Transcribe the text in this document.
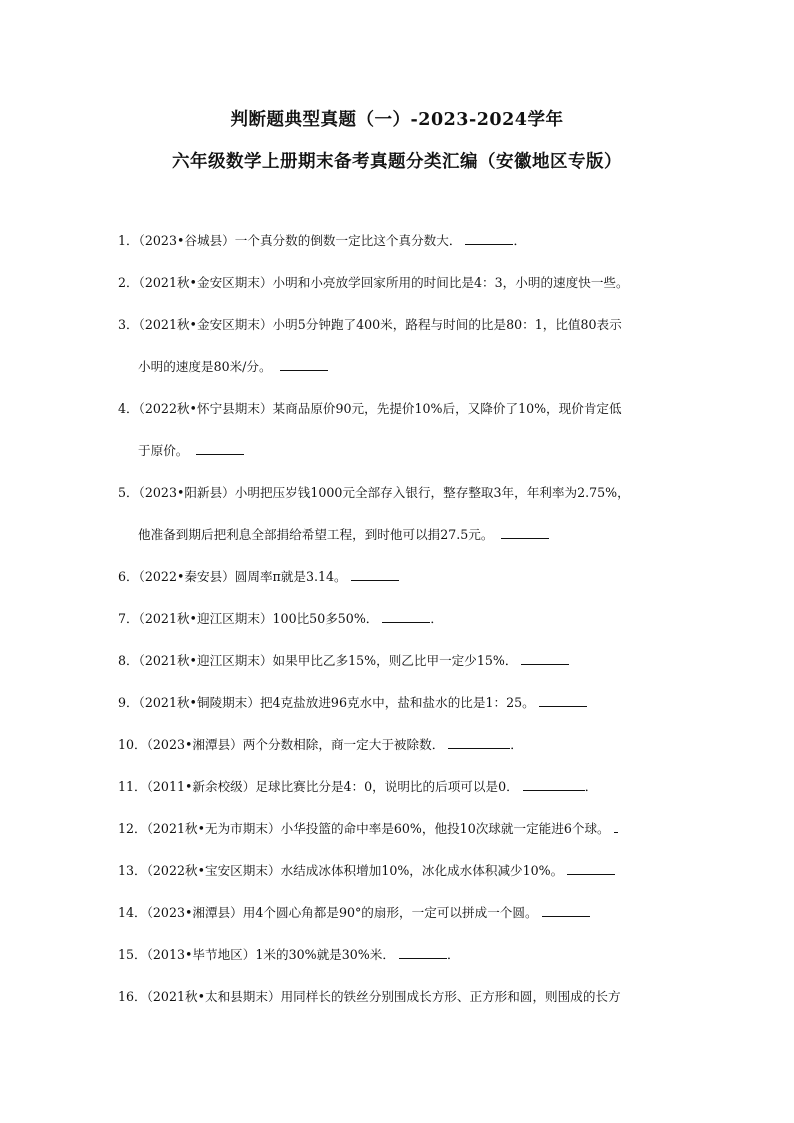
判断题典型真题（一）-2023-2024学年
六年级数学上册期末备考真题分类汇编（安徽地区专版）
1．（2023•谷城县）一个真分数的倒数一定比这个真分数大．	．
2．（2021秋•金安区期末）小明和小亮放学回家所用的时间比是4：3，小明的速度快一些。
3．（2021秋•金安区期末）小明5分钟跑了400米，路程与时间的比是80：1，比值80表示
小明的速度是80米/分。
4．（2022秋•怀宁县期末）某商品原价90元，先提价10%后，又降价了10%，现价肯定低
于原价。
5．（2023•阳新县）小明把压岁钱1000元全部存入银行，整存整取3年，年利率为2.75%，
他准备到期后把利息全部捐给希望工程，到时他可以捐27.5元。
6．（2022•秦安县）圆周率π就是3.14。
7．（2021秋•迎江区期末）100比50多50%．	．
8．（2021秋•迎江区期末）如果甲比乙多15%，则乙比甲一定少15%．
9．（2021秋•铜陵期末）把4克盐放进96克水中，盐和盐水的比是1：25。
10．（2023•湘潭县）两个分数相除，商一定大于被除数．	．
11．（2011•新余校级）足球比赛比分是4：0，说明比的后项可以是0．	．
12．（2021秋•无为市期末）小华投篮的命中率是60%，他投10次球就一定能进6个球。
13．（2022秋•宝安区期末）水结成冰体积增加10%，冰化成水体积减少10%。
14．（2023•湘潭县）用4个圆心角都是90°的扇形，一定可以拼成一个圆。
15．（2013•毕节地区）1米的30%就是30%米．	．
16．（2021秋•太和县期末）用同样长的铁丝分别围成长方形、正方形和圆，则围成的长方
